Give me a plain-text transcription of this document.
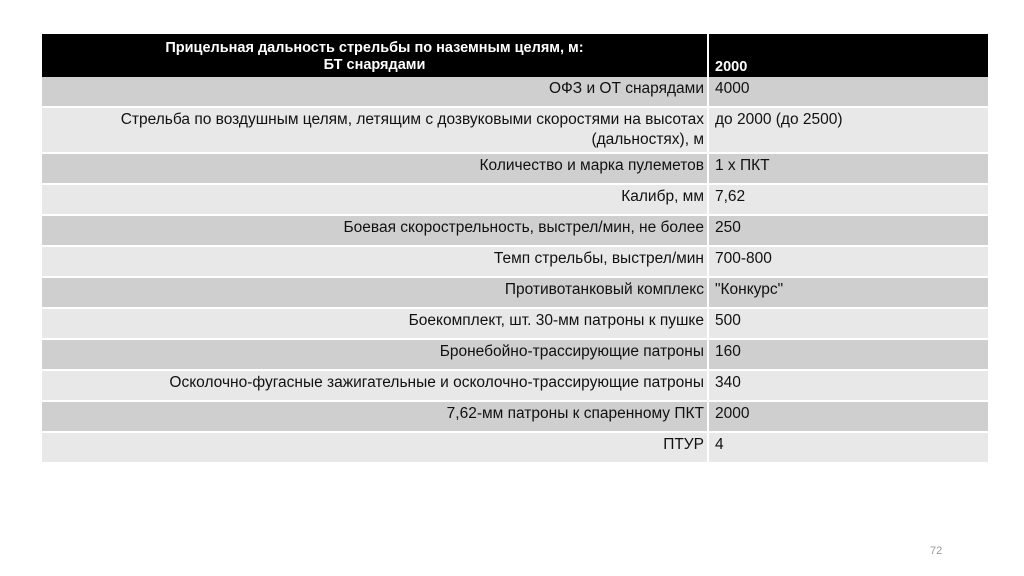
Прицельная дальность стрельбы по наземным целям, м:
БТ снарядами	2000
ОФЗ и ОТ снарядами	4000
Стрельба по воздушным целям, летящим с дозвуковыми скоростями на высотах (дальностях), м	до 2000 (до 2500)
Количество и марка пулеметов	1 х ПКТ
Калибр, мм	7,62
Боевая скорострельность, выстрел/мин, не более	250
Темп стрельбы, выстрел/мин	700-800
Противотанковый комплекс	"Конкурс"
Боекомплект, шт. 30-мм патроны к пушке	500
Бронебойно-трассирующие патроны	160
Осколочно-фугасные зажигательные и осколочно-трассирующие патроны	340
7,62-мм патроны к спаренному ПКТ	2000
ПТУР	4
72
